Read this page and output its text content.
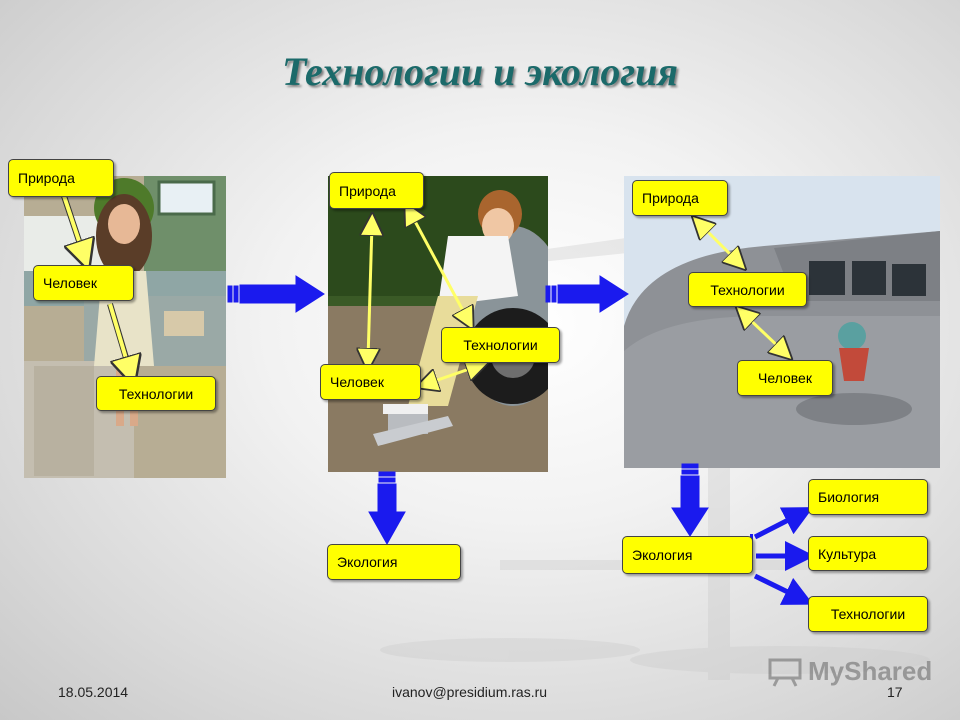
Технологии и экология
Природа
Человек
Технологии
Природа
Человек
Технологии
Природа
Технологии
Человек
Экология	Экология
Биология
Культура
Технологии
MyShared
18.05.2014	ivanov@presidium.ras.ru	17
